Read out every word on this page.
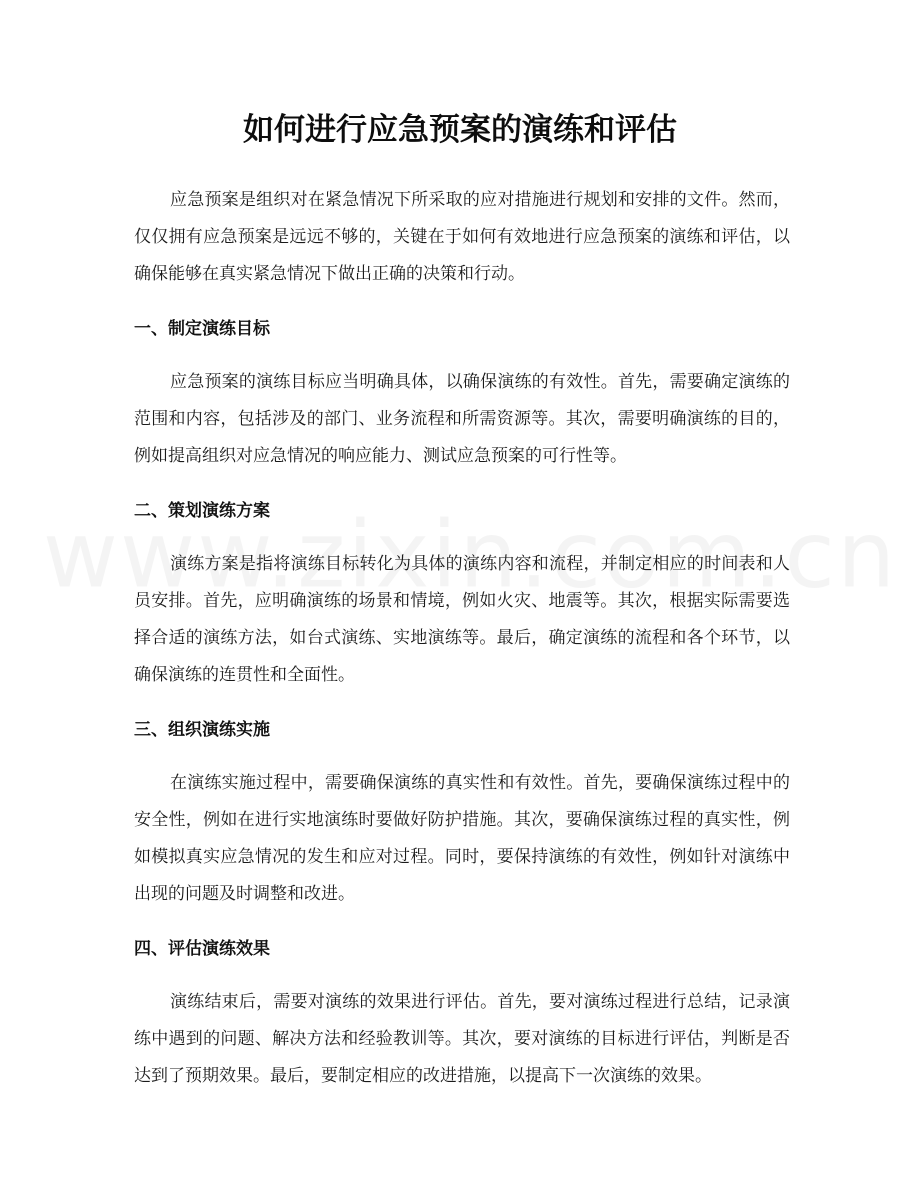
如何进行应急预案的演练和评估

应急预案是组织对在紧急情况下所采取的应对措施进行规划和安排的文件。然而，仅仅拥有应急预案是远远不够的，关键在于如何有效地进行应急预案的演练和评估，以确保能够在真实紧急情况下做出正确的决策和行动。

一、制定演练目标

应急预案的演练目标应当明确具体，以确保演练的有效性。首先，需要确定演练的范围和内容，包括涉及的部门、业务流程和所需资源等。其次，需要明确演练的目的，例如提高组织对应急情况的响应能力、测试应急预案的可行性等。

二、策划演练方案

演练方案是指将演练目标转化为具体的演练内容和流程，并制定相应的时间表和人员安排。首先，应明确演练的场景和情境，例如火灾、地震等。其次，根据实际需要选择合适的演练方法，如台式演练、实地演练等。最后，确定演练的流程和各个环节，以确保演练的连贯性和全面性。

三、组织演练实施

在演练实施过程中，需要确保演练的真实性和有效性。首先，要确保演练过程中的安全性，例如在进行实地演练时要做好防护措施。其次，要确保演练过程的真实性，例如模拟真实应急情况的发生和应对过程。同时，要保持演练的有效性，例如针对演练中出现的问题及时调整和改进。

四、评估演练效果

演练结束后，需要对演练的效果进行评估。首先，要对演练过程进行总结，记录演练中遇到的问题、解决方法和经验教训等。其次，要对演练的目标进行评估，判断是否达到了预期效果。最后，要制定相应的改进措施，以提高下一次演练的效果。
